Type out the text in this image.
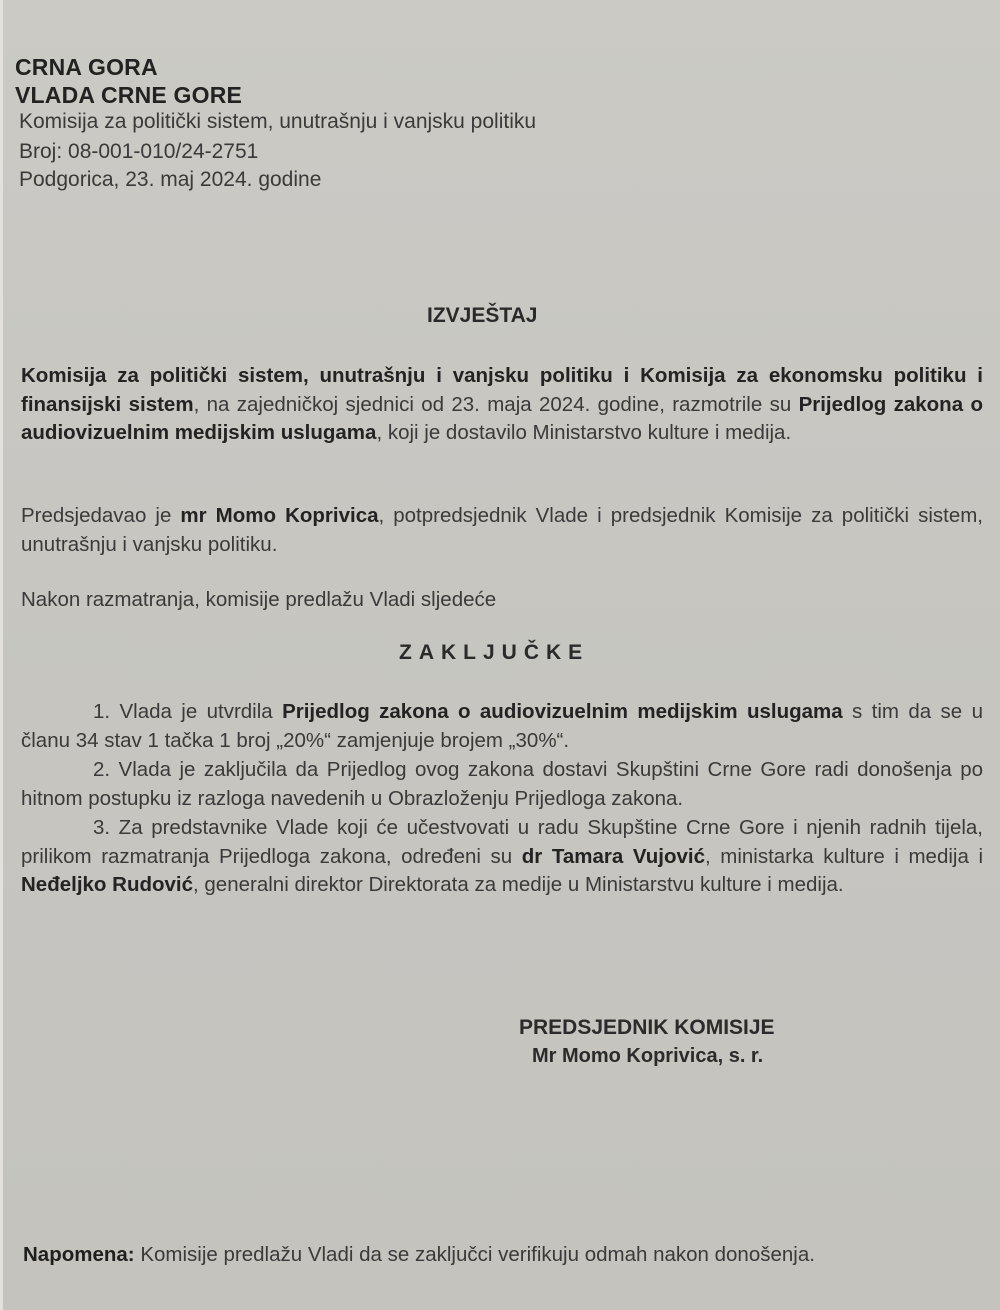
CRNA GORA
VLADA CRNE GORE
Komisija za politički sistem, unutrašnju i vanjsku politiku
Broj: 08-001-010/24-2751
Podgorica, 23. maj 2024. godine
IZVJEŠTAJ
Komisija za politički sistem, unutrašnju i vanjsku politiku i Komisija za ekonomsku politiku i finansijski sistem, na zajedničkoj sjednici od 23. maja 2024. godine, razmotrile su Prijedlog zakona o audiovizuelnim medijskim uslugama, koji je dostavilo Ministarstvo kulture i medija.
Predsjedavao je mr Momo Koprivica, potpredsjednik Vlade i predsjednik Komisije za politički sistem, unutrašnju i vanjsku politiku.
Nakon razmatranja, komisije predlažu Vladi sljedeće
ZAKLJUČKE
1. Vlada je utvrdila Prijedlog zakona o audiovizuelnim medijskim uslugama s tim da se u članu 34 stav 1 tačka 1 broj „20%“ zamjenjuje brojem „30%“.
2. Vlada je zaključila da Prijedlog ovog zakona dostavi Skupštini Crne Gore radi donošenja po hitnom postupku iz razloga navedenih u Obrazloženju Prijedloga zakona.
3. Za predstavnike Vlade koji će učestvovati u radu Skupštine Crne Gore i njenih radnih tijela, prilikom razmatranja Prijedloga zakona, određeni su dr Tamara Vujović, ministarka kulture i medija i Neđeljko Rudović, generalni direktor Direktorata za medije u Ministarstvu kulture i medija.
PREDSJEDNIK KOMISIJE
Mr Momo Koprivica, s. r.
Napomena: Komisije predlažu Vladi da se zaključci verifikuju odmah nakon donošenja.
